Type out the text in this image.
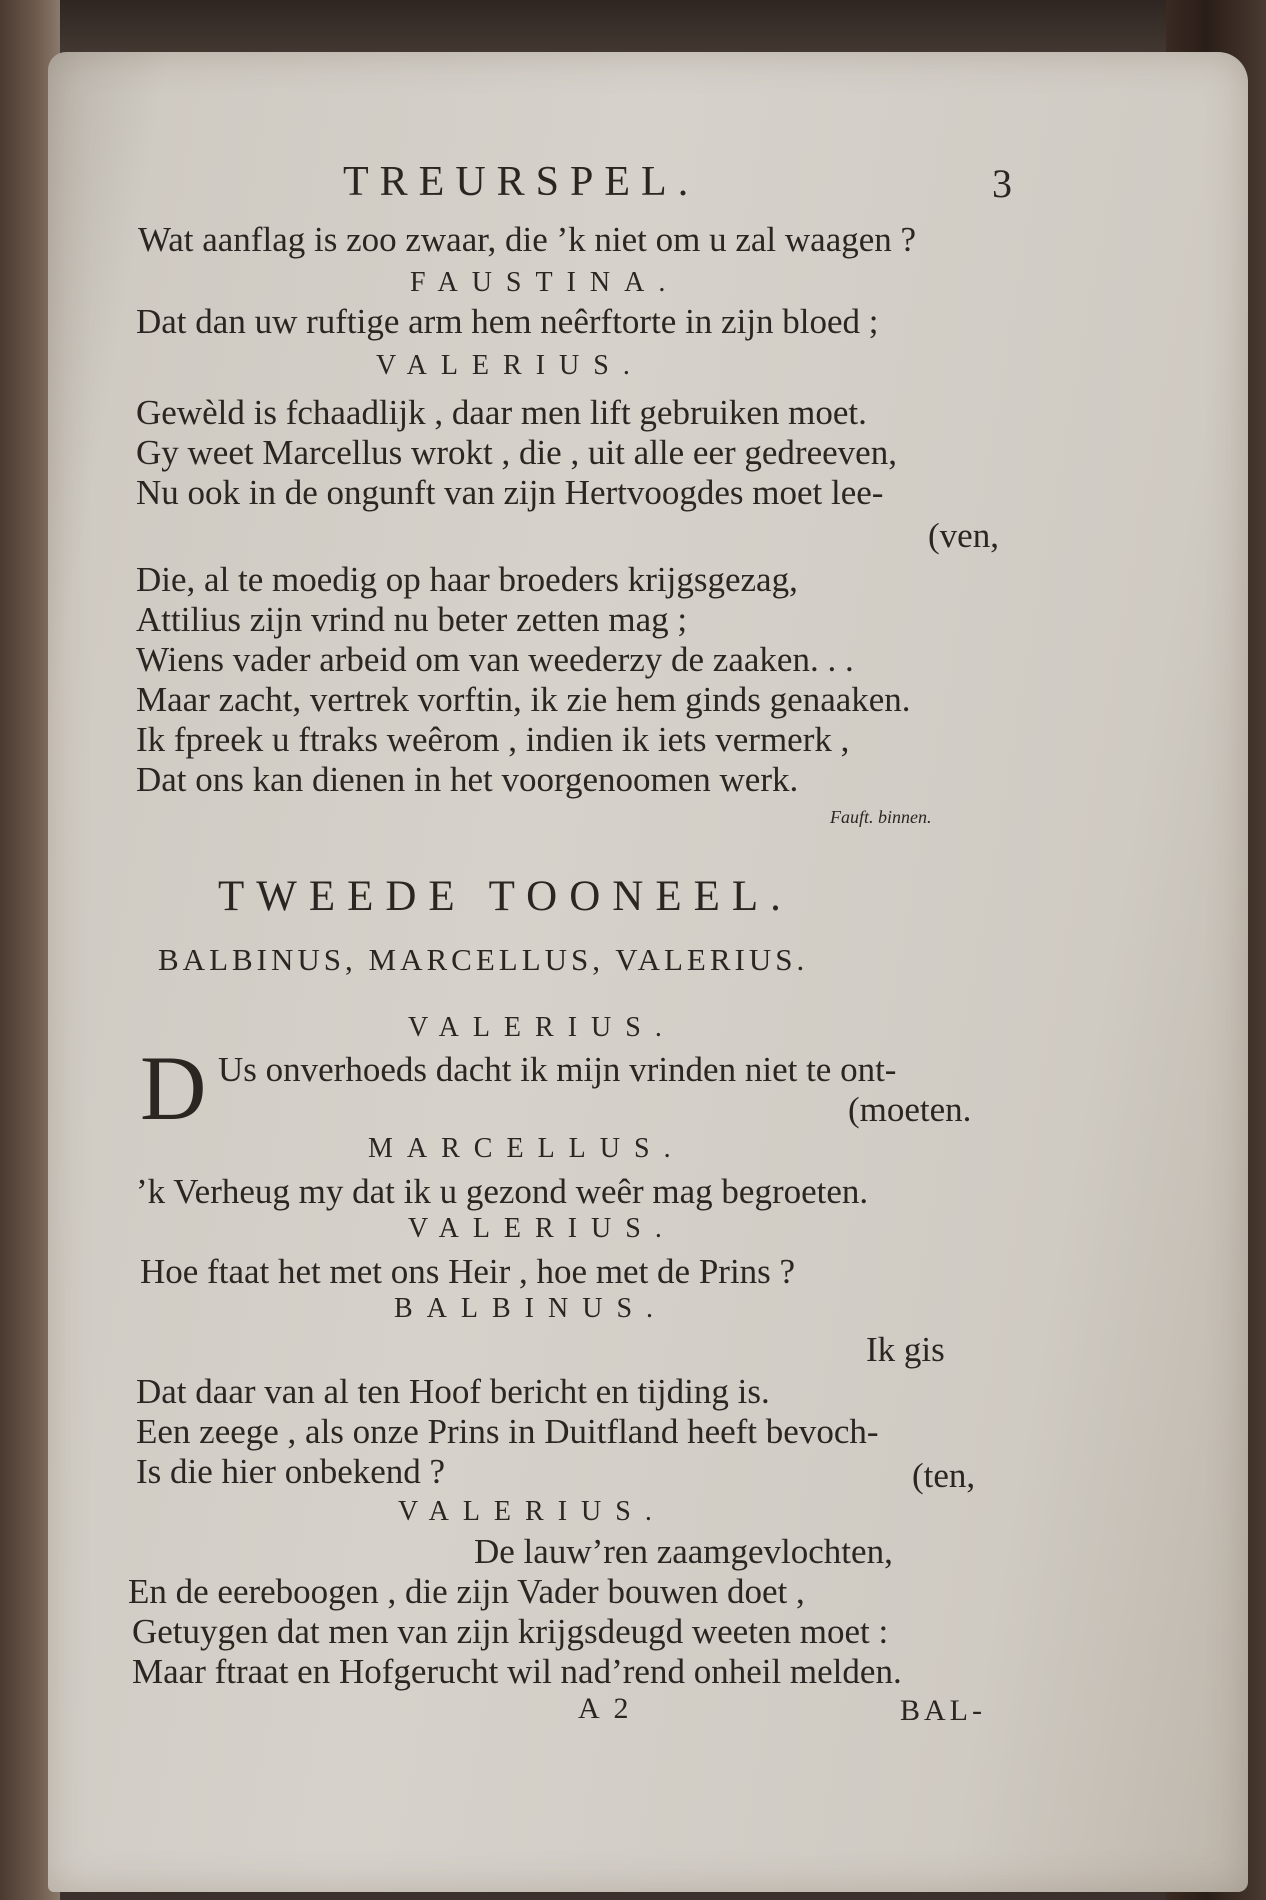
TREURSPEL.	3
Wat aanflag is zoo zwaar, die ’k niet om u zal waagen ?
FAUSTINA.
Dat dan uw ruftige arm hem neêrftorte in zijn bloed ;
VALERIUS.
Gewèld is fchaadlijk , daar men lift gebruiken moet.
Gy weet Marcellus wrokt , die , uit alle eer gedreeven,
Nu ook in de ongunft van zijn Hertvoogdes moet lee-
(ven,
Die, al te moedig op haar broeders krijgsgezag,
Attilius zijn vrind nu beter zetten mag ;
Wiens vader arbeid om van weederzy de zaaken. . .
Maar zacht, vertrek vorftin, ik zie hem ginds genaaken.
Ik fpreek u ftraks weêrom , indien ik iets vermerk ,
Dat ons kan dienen in het voorgenoomen werk.
Fauft. binnen.
TWEEDE TOONEEL.
BALBINUS, MARCELLUS, VALERIUS.
VALERIUS.
D Us onverhoeds dacht ik mijn vrinden niet te ont-
(moeten.
MARCELLUS.
’k Verheug my dat ik u gezond weêr mag begroeten.
VALERIUS.
Hoe ftaat het met ons Heir , hoe met de Prins ?
BALBINUS.
Ik gis
Dat daar van al ten Hoof bericht en tijding is.
Een zeege , als onze Prins in Duitfland heeft bevoch-
Is die hier onbekend ?	(ten,
VALERIUS.
De lauw’ren zaamgevlochten,
En de eereboogen , die zijn Vader bouwen doet ,
Getuygen dat men van zijn krijgsdeugd weeten moet :
Maar ftraat en Hofgerucht wil nad’rend onheil melden.
A 2	BAL-
